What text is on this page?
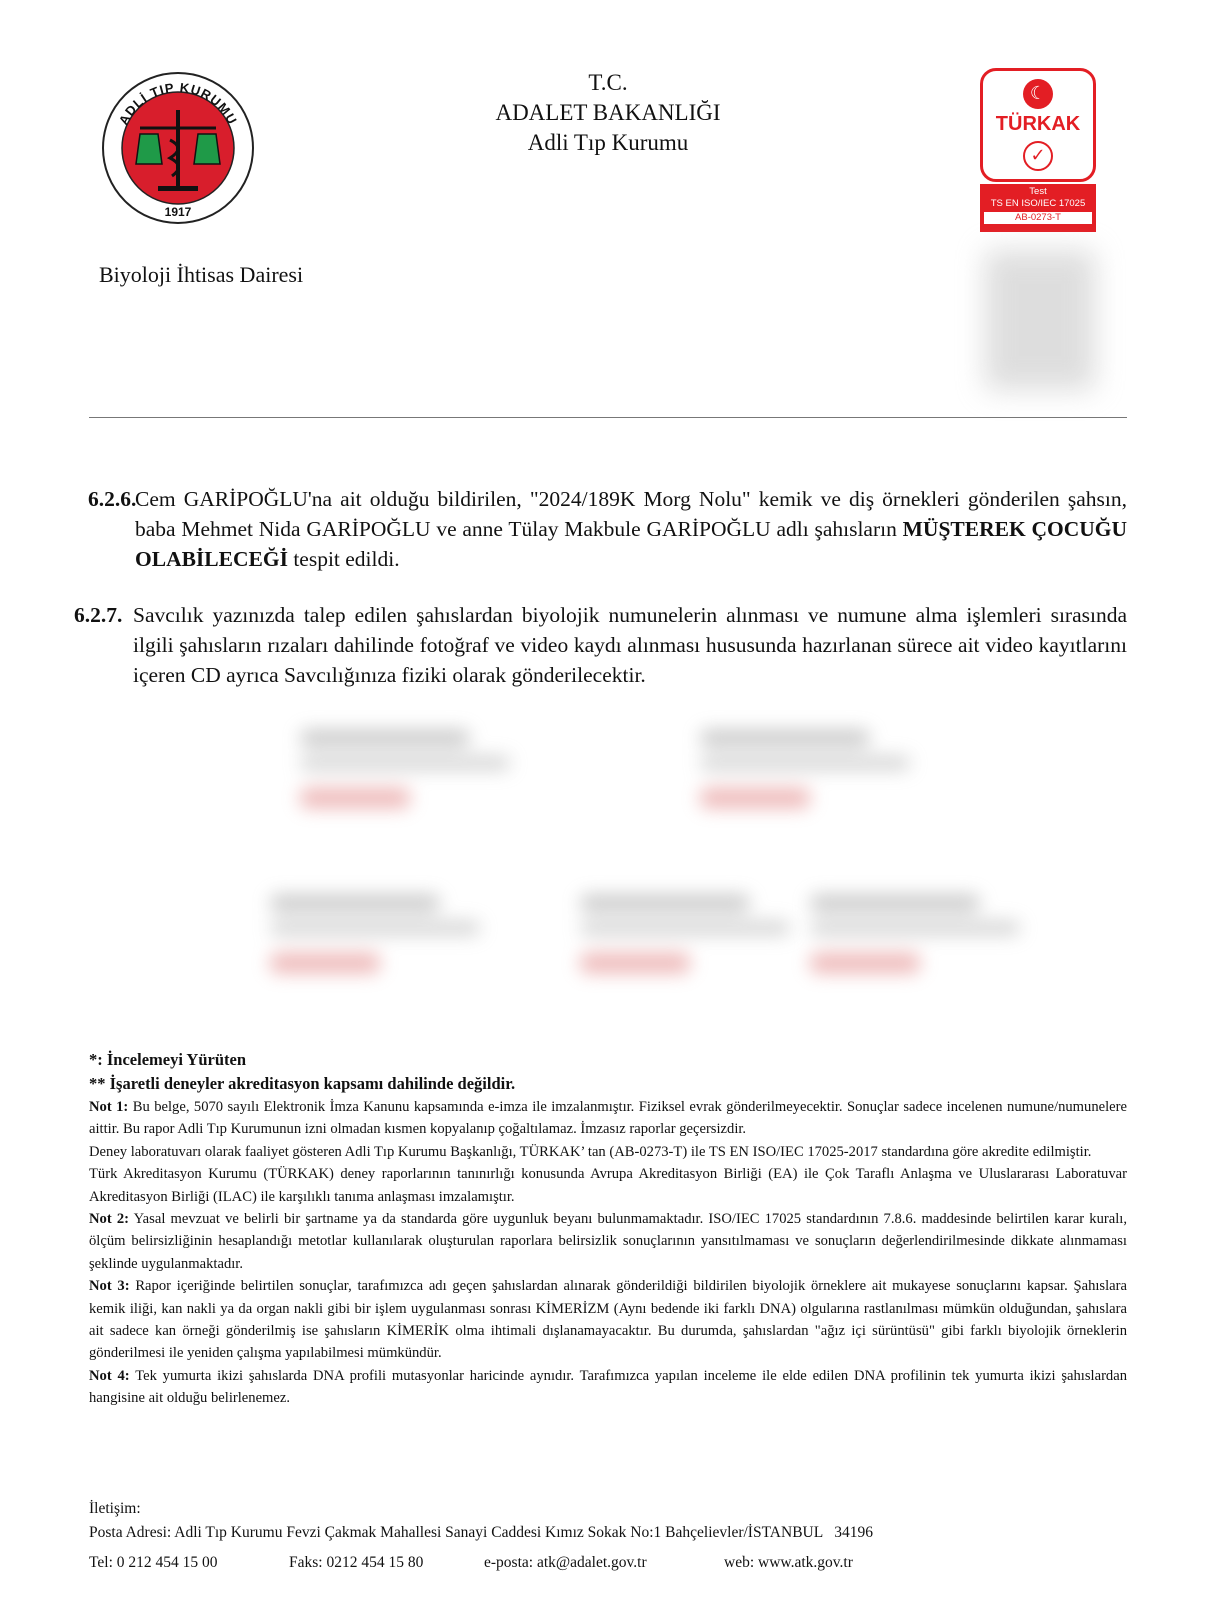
ADLİ TIP KURUMU
1917
T.C.
ADALET BAKANLIĞI
Adli Tıp Kurumu
☾
TÜRKAK
✓
Test
TS EN ISO/IEC 17025
AB-0273-T
Biyoloji İhtisas Dairesi
6.2.6.
Cem GARİPOĞLU'na ait olduğu bildirilen, "2024/189K Morg Nolu" kemik ve diş örnekleri gönderilen şahsın, baba Mehmet Nida GARİPOĞLU ve anne Tülay Makbule GARİPOĞLU adlı şahısların MÜŞTEREK ÇOCUĞU OLABİLECEĞİ tespit edildi.
6.2.7. Savcılık yazınızda talep edilen şahıslardan biyolojik numunelerin alınması ve numune alma işlemleri sırasında ilgili şahısların rızaları dahilinde fotoğraf ve video kaydı alınması hususunda hazırlanan sürece ait video kayıtlarını içeren CD ayrıca Savcılığınıza fiziki olarak gönderilecektir.

*: İncelemeyi Yürüten

** İşaretli deneyler akreditasyon kapsamı dahilinde değildir.

Not 1: Bu belge, 5070 sayılı Elektronik İmza Kanunu kapsamında e-imza ile imzalanmıştır. Fiziksel evrak gönderilmeyecektir. Sonuçlar sadece incelenen numune/numunelere aittir. Bu rapor Adli Tıp Kurumunun izni olmadan kısmen kopyalanıp çoğaltılamaz. İmzasız raporlar geçersizdir.

Deney laboratuvarı olarak faaliyet gösteren Adli Tıp Kurumu Başkanlığı, TÜRKAK’ tan (AB-0273-T) ile TS EN ISO/IEC 17025-2017 standardına göre akredite edilmiştir.

Türk Akreditasyon Kurumu (TÜRKAK) deney raporlarının tanınırlığı konusunda Avrupa Akreditasyon Birliği (EA) ile Çok Taraflı Anlaşma ve Uluslararası Laboratuvar Akreditasyon Birliği (ILAC) ile karşılıklı tanıma anlaşması imzalamıştır.

Not 2: Yasal mevzuat ve belirli bir şartname ya da standarda göre uygunluk beyanı bulunmamaktadır. ISO/IEC 17025 standardının 7.8.6. maddesinde belirtilen karar kuralı, ölçüm belirsizliğinin hesaplandığı metotlar kullanılarak oluşturulan raporlara belirsizlik sonuçlarının yansıtılmaması ve sonuçların değerlendirilmesinde dikkate alınmaması şeklinde uygulanmaktadır.

Not 3: Rapor içeriğinde belirtilen sonuçlar, tarafımızca adı geçen şahıslardan alınarak gönderildiği bildirilen biyolojik örneklere ait mukayese sonuçlarını kapsar. Şahıslara kemik iliği, kan nakli ya da organ nakli gibi bir işlem uygulanması sonrası KİMERİZM (Aynı bedende iki farklı DNA) olgularına rastlanılması mümkün olduğundan, şahıslara ait sadece kan örneği gönderilmiş ise şahısların KİMERİK olma ihtimali dışlanamayacaktır. Bu durumda, şahıslardan "ağız içi sürüntüsü" gibi farklı biyolojik örneklerin gönderilmesi ile yeniden çalışma yapılabilmesi mümkündür.

Not 4: Tek yumurta ikizi şahıslarda DNA profili mutasyonlar haricinde aynıdır. Tarafımızca yapılan inceleme ile elde edilen DNA profilinin tek yumurta ikizi şahıslardan hangisine ait olduğu belirlenemez.

İletişim:
Posta Adresi: Adli Tıp Kurumu Fevzi Çakmak Mahallesi Sanayi Caddesi Kımız Sokak No:1 Bahçelievler/İSTANBUL   34196
Tel: 0 212 454 15 00	Faks: 0212 454 15 80	e-posta: atk@adalet.gov.tr	web: www.atk.gov.tr
